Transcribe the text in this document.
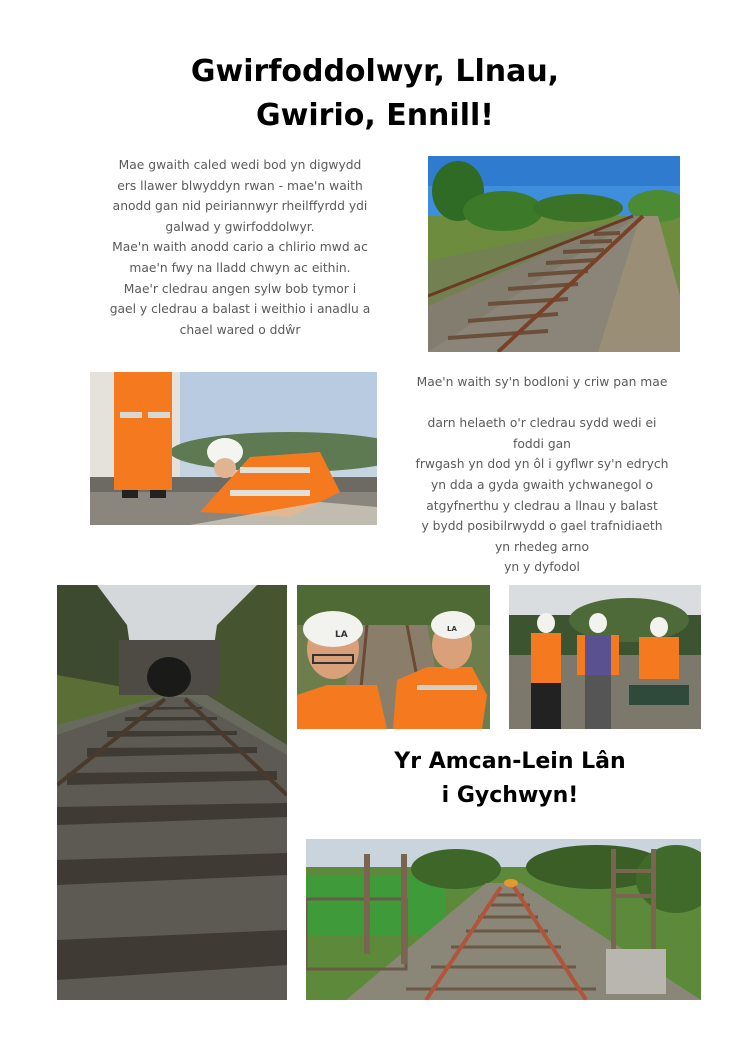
Gwirfoddolwyr, Llnau,
Gwirio, Ennill!
Mae gwaith caled wedi bod yn digwydd
ers llawer blwyddyn rwan - mae'n waith
anodd gan nid peiriannwyr rheilffyrdd ydi
galwad y gwirfoddolwyr.
Mae'n waith anodd cario a chlirio mwd ac
mae'n fwy na lladd chwyn ac eithin.
Mae'r cledrau angen sylw bob tymor i
gael y cledrau a balast i weithio i anadlu a
chael wared o ddŵr
Mae'n waith sy'n bodloni y criw pan mae

darn helaeth o'r cledrau sydd wedi ei
foddi gan
frwgash yn dod yn ôl i gyflwr sy'n edrych
yn dda a gyda gwaith ychwanegol o
atgyfnerthu y cledrau a llnau y balast
y bydd posibilrwydd o gael trafnidiaeth
yn rhedeg arno
yn y dyfodol
LA
LA
Yr Amcan-Lein Lân
i Gychwyn!
